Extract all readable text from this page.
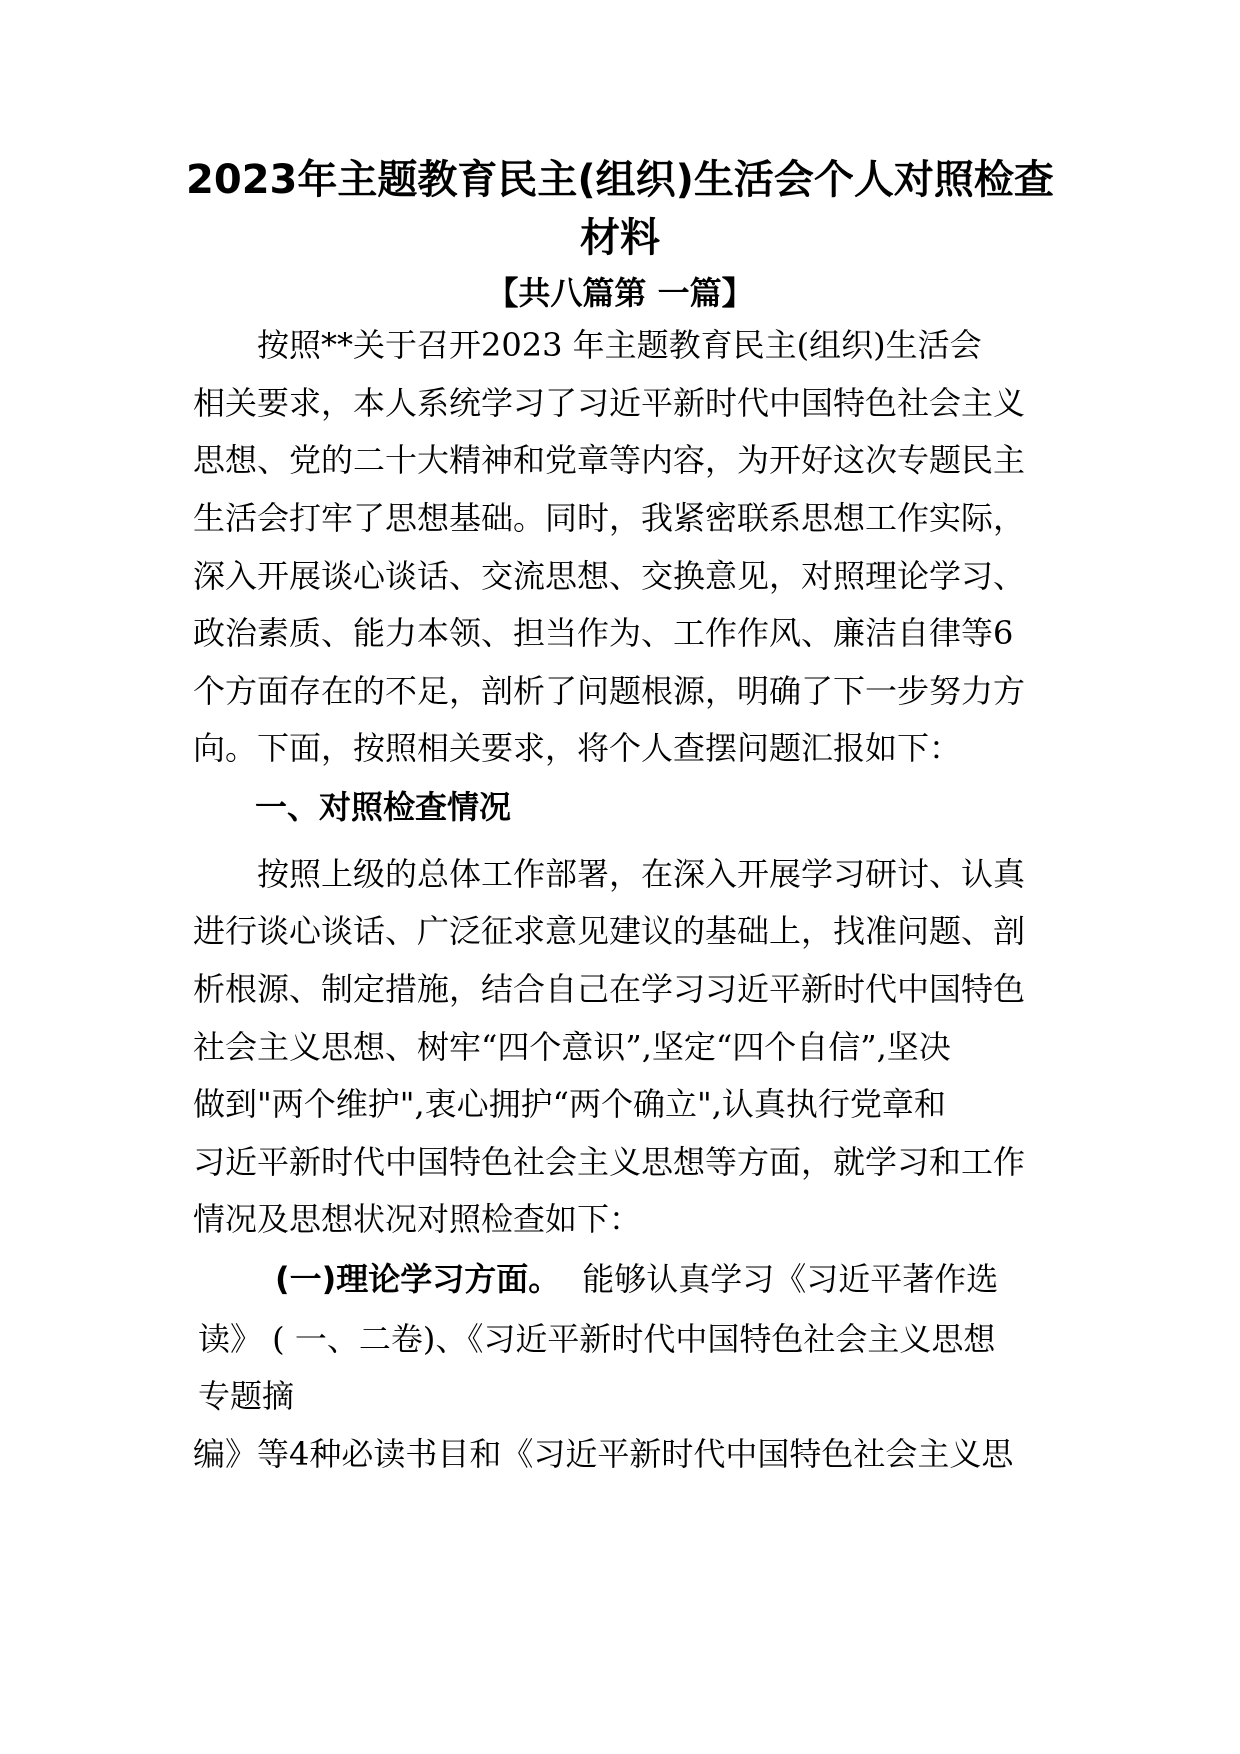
2023年主题教育民主(组织)生活会个人对照检查
材料

【共八篇第 一篇】

　　按照**关于召开2023 年主题教育民主(组织)生活会

相关要求，本人系统学习了习近平新时代中国特色社会主义

思想、党的二十大精神和党章等内容，为开好这次专题民主

生活会打牢了思想基础。同时，我紧密联系思想工作实际，

深入开展谈心谈话、交流思想、交换意见，对照理论学习、

政治素质、能力本领、担当作为、工作作风、廉洁自律等6

个方面存在的不足，剖析了问题根源，明确了下一步努力方

向。下面，按照相关要求，将个人查摆问题汇报如下：

一、对照检查情况

　　按照上级的总体工作部署，在深入开展学习研讨、认真

进行谈心谈话、广泛征求意见建议的基础上，找准问题、剖

析根源、制定措施，结合自己在学习习近平新时代中国特色

社会主义思想、树牢“四个意识”,坚定“四个自信”,坚决

做到"两个维护",衷心拥护“两个确立",认真执行党章和

习近平新时代中国特色社会主义思想等方面，就学习和工作

情况及思想状况对照检查如下：

(一)理论学习方面。 能够认真学习《习近平著作选

读》 ( 一、二卷)、《习近平新时代中国特色社会主义思想

专题摘

编》等4种必读书目和《习近平新时代中国特色社会主义思
